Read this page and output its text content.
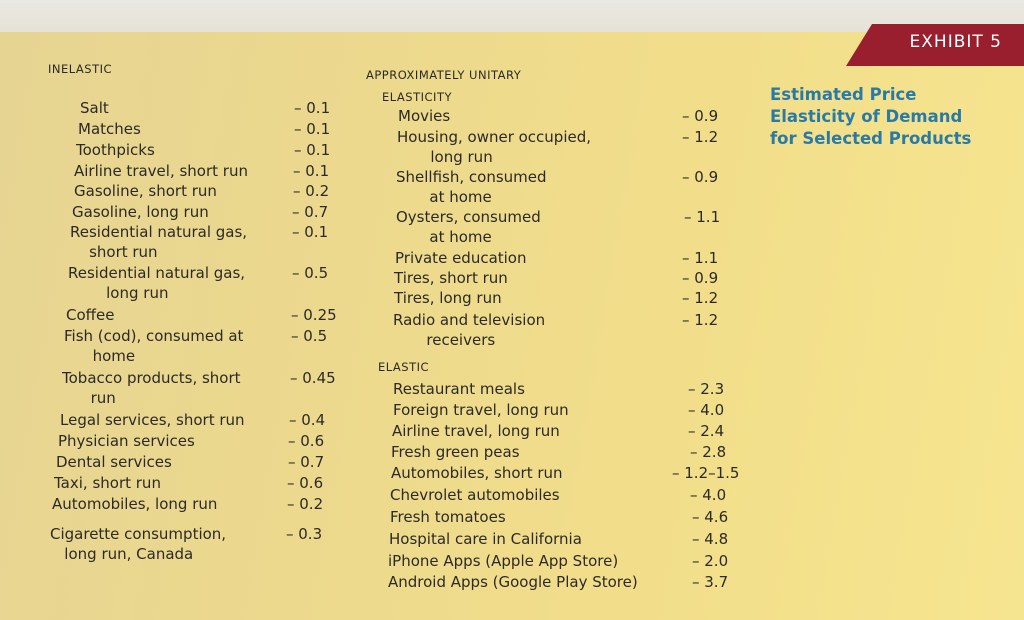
EXHIBIT 5
Estimated Price
Elasticity of Demand
for Selected Products
INELASTIC	APPROXIMATELY UNITARY
ELASTICITY
ELASTIC
Salt	– 0.1
Matches	– 0.1
Toothpicks	– 0.1
Airline travel, short run	– 0.1
Gasoline, short run	– 0.2
Gasoline, long run	– 0.7
Residential natural gas,
short run
– 0.1
Residential natural gas,
long run
– 0.5
Coffee	– 0.25
Fish (cod), consumed at
home
– 0.5
Tobacco products, short
run
– 0.45
Legal services, short run	– 0.4
Physician services	– 0.6
Dental services	– 0.7
Taxi, short run	– 0.6
Automobiles, long run	– 0.2
Cigarette consumption,
long run, Canada
– 0.3
Movies	– 0.9
Housing, owner occupied,
long run
– 1.2
Shellfish, consumed
at home
– 0.9
Oysters, consumed
at home
– 1.1
Private education	– 1.1
Tires, short run	– 0.9
Tires, long run	– 1.2
Radio and television
receivers
– 1.2
Restaurant meals	– 2.3
Foreign travel, long run	– 4.0
Airline travel, long run	– 2.4
Fresh green peas	– 2.8
Automobiles, short run	– 1.2–1.5
Chevrolet automobiles	– 4.0
Fresh tomatoes	– 4.6
Hospital care in California	– 4.8
iPhone Apps (Apple App Store)	– 2.0
Android Apps (Google Play Store)	– 3.7
